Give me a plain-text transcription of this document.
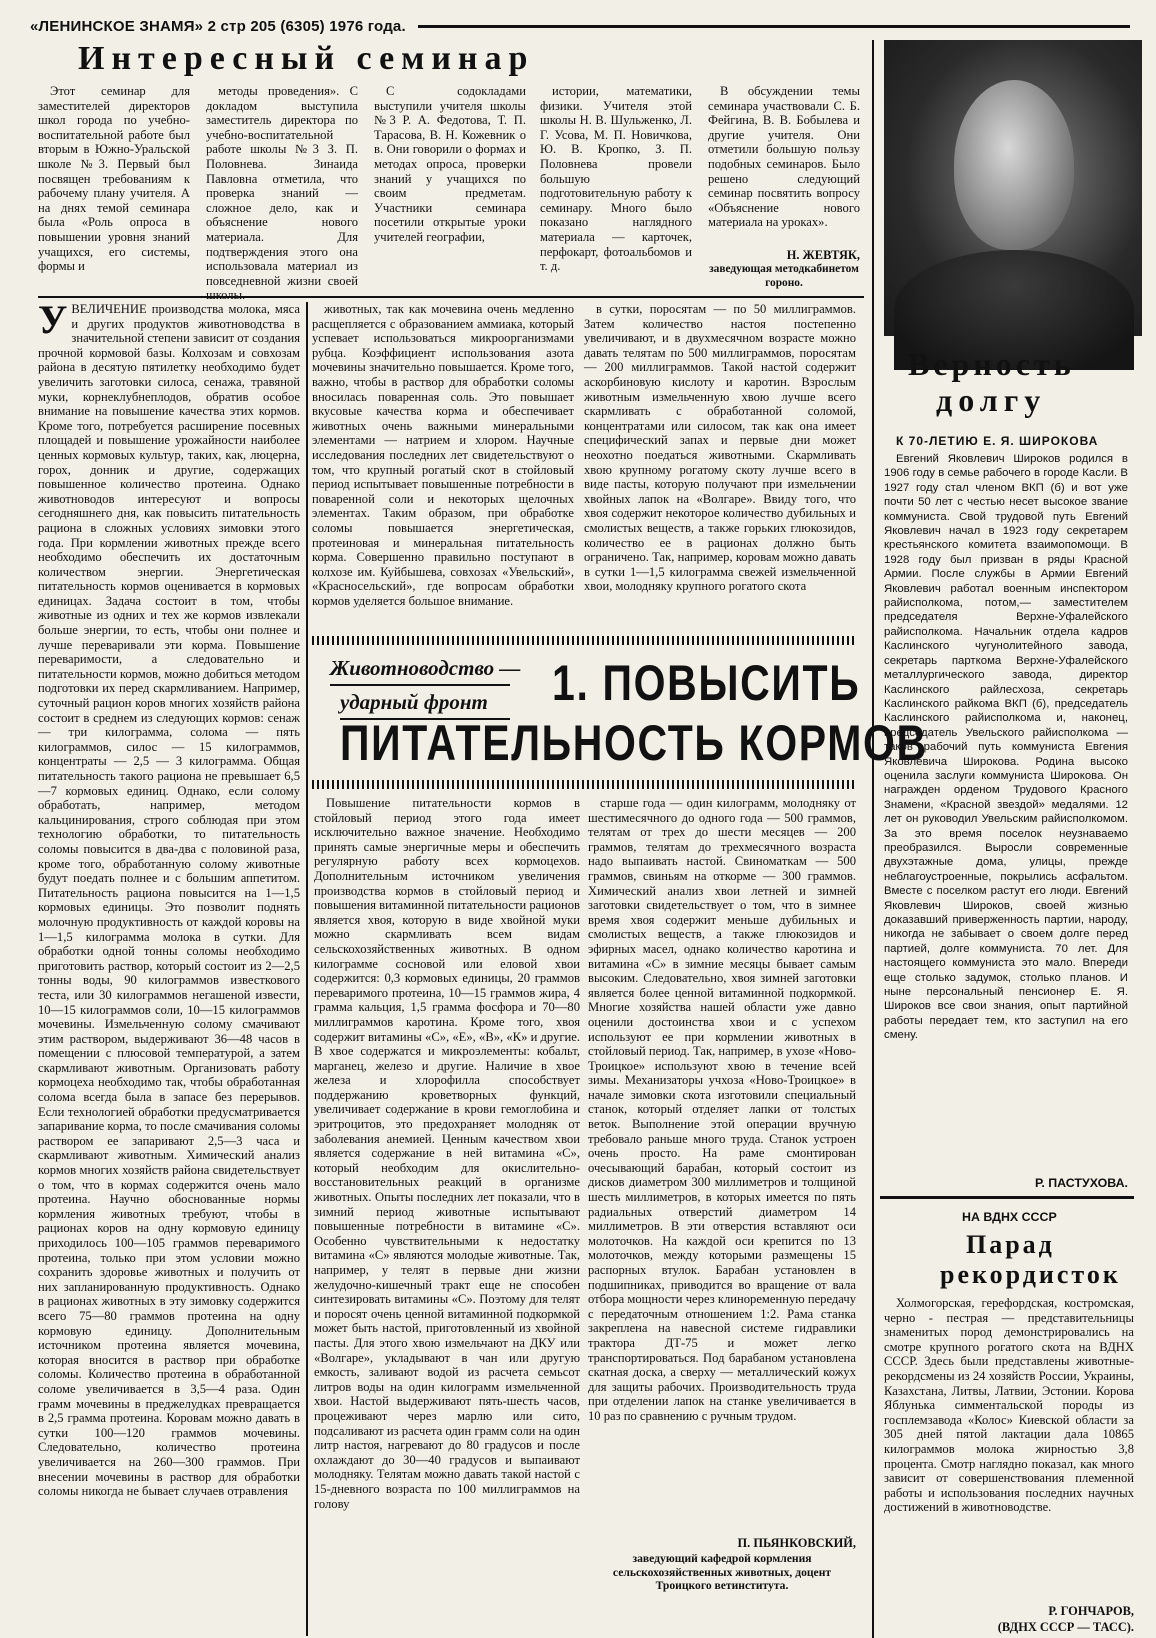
«ЛЕНИНСКОЕ ЗНАМЯ» 2 стр 205 (6305) 1976 года.
Интересный семинар

Этот семинар для заместителей директоров школ города по учебно-воспитательной работе был вторым в Южно-Уральской школе №3. Первый был посвящен требованиям к рабочему плану учителя. А на днях темой семинара была «Роль опроса в повышении уровня знаний учащихся, его системы, формы и

методы проведения». С докладом выступила заместитель директора по учебно-воспитательной работе школы №3 З. П. Половнева. Зинаида Павловна отметила, что проверка знаний — сложное дело, как и объяснение нового материала. Для подтверждения этого она использовала материал из повседневной жизни своей школы.

С содокладами выступили учителя школы №3 Р. А. Федотова, Т. П. Тарасова, В. Н. Кожевник о в. Они говорили о формах и методах опроса, проверки знаний у учащихся по своим предметам. Участники семинара посетили открытые уроки учителей географии,

истории, математики, физики. Учителя этой школы Н. В. Шульженко, Л. Г. Усова, М. П. Новичкова, Ю. В. Кропко, З. П. Половнева провели большую подготовительную работу к семинару. Много было показано наглядного материала — карточек, перфокарт, фотоальбомов и т. д.

В обсуждении темы семинара участвовали С. Б. Фейгина, В. В. Бобылева и другие учителя. Они отметили большую пользу подобных семинаров. Было решено следующий семинар посвятить вопросу «Объяснение нового материала на уроках».

Н. ЖЕВТЯК,
заведующая методкабинетом гороно.
У ВЕЛИЧЕНИЕ производства молока, мяса и других продуктов животноводства в значительной степени зависит от создания прочной кормовой базы. Колхозам и совхозам района в десятую пятилетку необходимо будет увеличить заготовки силоса, сенажа, травяной муки, корнеклубнеплодов, обратив особое внимание на повышение качества этих кормов. Кроме того, потребуется расширение посевных площадей и повышение урожайности наиболее ценных кормовых культур, таких, как, люцерна, горох, донник и другие, содержащих повышенное количество протеина. Однако животноводов интересуют и вопросы сегодняшнего дня, как повысить питательность рациона в сложных условиях зимовки этого года. При кормлении животных прежде всего необходимо обеспечить их достаточным количеством энергии. Энергетическая питательность кормов оценивается в кормовых единицах. Задача состоит в том, чтобы животные из одних и тех же кормов извлекали больше энергии, то есть, чтобы они полнее и лучше переваривали эти корма. Повышение переваримости, а следовательно и питательности кормов, можно добиться методом подготовки их перед скармливанием. Например, суточный рацион коров многих хозяйств района состоит в среднем из следующих кормов: сенаж — три килограмма, солома — пять килограммов, силос — 15 килограммов, концентраты — 2,5 — 3 килограмма. Общая питательность такого рациона не превышает 6,5—7 кормовых единиц. Однако, если солому обработать, например, методом кальцинирования, строго соблюдая при этом технологию обработки, то питательность соломы повысится в два-два с половиной раза, кроме того, обработанную солому животные будут поедать полнее и с большим аппетитом. Питательность рациона повысится на 1—1,5 кормовых единицы. Это позволит поднять молочную продуктивность от каждой коровы на 1—1,5 килограмма молока в сутки. Для обработки одной тонны соломы необходимо приготовить раствор, который состоит из 2—2,5 тонны воды, 90 килограммов известкового теста, или 30 килограммов негашеной извести, 10—15 килограммов соли, 10—15 килограммов мочевины. Измельченную солому смачивают этим раствором, выдерживают 36—48 часов в помещении с плюсовой температурой, а затем скармливают животным. Организовать работу кормоцеха необходимо так, чтобы обработанная солома всегда была в запасе без перерывов. Если технологией обработки предусматривается запаривание корма, то после смачивания соломы раствором ее запаривают 2,5—3 часа и скармливают животным. Химический анализ кормов многих хозяйств района свидетельствует о том, что в кормах содержится очень мало протеина. Научно обоснованные нормы кормления животных требуют, чтобы в рационах коров на одну кормовую единицу приходилось 100—105 граммов переваримого протеина, только при этом условии можно сохранить здоровье животных и получить от них запланированную продуктивность. Однако в рационах животных в эту зимовку содержится всего 75—80 граммов протеина на одну кормовую единицу. Дополнительным источником протеина является мочевина, которая вносится в раствор при обработке соломы. Количество протеина в обработанной соломе увеличивается в 3,5—4 раза. Один грамм мочевины в преджелудках превращается в 2,5 грамма протеина. Коровам можно давать в сутки 100—120 граммов мочевины. Следовательно, количество протеина увеличивается на 260—300 граммов. При внесении мочевины в раствор для обработки соломы никогда не бывает случаев отравления

животных, так как мочевина очень медленно расщепляется с образованием аммиака, который успевает использоваться микроорганизмами рубца. Коэффициент использования азота мочевины значительно повышается. Кроме того, важно, чтобы в раствор для обработки соломы вносилась поваренная соль. Это повышает вкусовые качества корма и обеспечивает животных очень важными минеральными элементами — натрием и хлором. Научные исследования последних лет свидетельствуют о том, что крупный рогатый скот в стойловый период испытывает повышенные потребности в поваренной соли и некоторых щелочных элементах. Таким образом, при обработке соломы повышается энергетическая, протеиновая и минеральная питательность корма. Совершенно правильно поступают в колхозе им. Куйбышева, совхозах «Увельский», «Красносельский», где вопросам обработки кормов уделяется большое внимание.

в сутки, поросятам — по 50 миллиграммов. Затем количество настоя постепенно увеличивают, и в двухмесячном возрасте можно давать телятам по 500 миллиграммов, поросятам — 200 миллиграммов. Такой настой содержит аскорбиновую кислоту и каротин. Взрослым животным измельченную хвою лучше всего скармливать с обработанной соломой, концентратами или силосом, так как она имеет специфический запах и первые дни может неохотно поедаться животными. Скармливать хвою крупному рогатому скоту лучше всего в виде пасты, которую получают при измельчении хвойных лапок на «Волгаре». Ввиду того, что хвоя содержит некоторое количество дубильных и смолистых веществ, а также горьких глюкозидов, количество ее в рационах должно быть ограничено. Так, например, коровам можно давать в сутки 1—1,5 килограмма свежей измельченной хвои, молодняку крупного рогатого скота

Животноводство —
ударный фронт	1. ПОВЫСИТЬ
ПИТАТЕЛЬНОСТЬ КОРМОВ

Повышение питательности кормов в стойловый период этого года имеет исключительно важное значение. Необходимо принять самые энергичные меры и обеспечить регулярную работу всех кормоцехов. Дополнительным источником увеличения производства кормов в стойловый период и повышения витаминной питательности рационов является хвоя, которую в виде хвойной муки можно скармливать всем видам сельскохозяйственных животных. В одном килограмме сосновой или еловой хвои содержится: 0,3 кормовых единицы, 20 граммов переваримого протеина, 10—15 граммов жира, 4 грамма кальция, 1,5 грамма фосфора и 70—80 миллиграммов каротина. Кроме того, хвоя содержит витамины «С», «Е», «В», «К» и другие. В хвое содержатся и микроэлементы: кобальт, марганец, железо и другие. Наличие в хвое железа и хлорофилла способствует поддержанию кроветворных функций, увеличивает содержание в крови гемоглобина и эритроцитов, это предохраняет молодняк от заболевания анемией. Ценным качеством хвои является содержание в ней витамина «С», который необходим для окислительно-восстановительных реакций в организме животных. Опыты последних лет показали, что в зимний период животные испытывают повышенные потребности в витамине «С». Особенно чувствительными к недостатку витамина «С» являются молодые животные. Так, например, у телят в первые дни жизни желудочно-кишечный тракт еще не способен синтезировать витамины «С». Поэтому для телят и поросят очень ценной витаминной подкормкой может быть настой, приготовленный из хвойной пасты. Для этого хвою измельчают на ДКУ или «Волгаре», укладывают в чан или другую емкость, заливают водой из расчета семьсот литров воды на один килограмм измельченной хвои. Настой выдерживают пять-шесть часов, процеживают через марлю или сито, подсаливают из расчета один грамм соли на один литр настоя, нагревают до 80 градусов и после охлаждают до 30—40 градусов и выпаивают молодняку. Телятам можно давать такой настой с 15-дневного возраста по 100 миллиграммов на голову

старше года — один килограмм, молодняку от шестимесячного до одного года — 500 граммов, телятам от трех до шести месяцев — 200 граммов, телятам до трехмесячного возраста надо выпаивать настой. Свиноматкам — 500 граммов, свиньям на откорме — 300 граммов. Химический анализ хвои летней и зимней заготовки свидетельствует о том, что в зимнее время хвоя содержит меньше дубильных и смолистых веществ, а также глюкозидов и эфирных масел, однако количество каротина и витамина «С» в зимние месяцы бывает самым высоким. Следовательно, хвоя зимней заготовки является более ценной витаминной подкормкой. Многие хозяйства нашей области уже давно оценили достоинства хвои и с успехом используют ее при кормлении животных в стойловый период. Так, например, в ухозе «Ново-Троицкое» используют хвою в течение всей зимы. Механизаторы учхоза «Ново-Троицкое» в начале зимовки скота изготовили специальный станок, который отделяет лапки от толстых веток. Выполнение этой операции вручную требовало раньше много труда. Станок устроен очень просто. На раме смонтирован очесывающий барабан, который состоит из дисков диаметром 300 миллиметров и толщиной шесть миллиметров, в которых имеется по пять радиальных отверстий диаметром 14 миллиметров. В эти отверстия вставляют оси молоточков. На каждой оси крепится по 13 молоточков, между которыми размещены 15 распорных втулок. Барабан установлен в подшипниках, приводится во вращение от вала отбора мощности через клиноременную передачу с передаточным отношением 1:2. Рама станка закреплена на навесной системе гидравлики трактора ДТ-75 и может легко транспортироваться. Под барабаном установлена скатная доска, а сверху — металлический кожух для защиты рабочих. Производительность труда при отделении лапок на станке увеличивается в 10 раз по сравнению с ручным трудом.

П. ПЬЯНКОВСКИЙ,
заведующий кафедрой кормления сельскохозяйственных животных, доцент Троицкого ветинститута.
Верность
долгу
К 70-ЛЕТИЮ Е. Я. ШИРОКОВА

Евгений Яковлевич Широков родился в 1906 году в семье рабочего в городе Касли. В 1927 году стал членом ВКП (б) и вот уже почти 50 лет с честью несет высокое звание коммуниста. Свой трудовой путь Евгений Яковлевич начал в 1923 году секретарем крестьянского комитета взаимопомощи. В 1928 году был призван в ряды Красной Армии. После службы в Армии Евгений Яковлевич работал военным инспектором райисполкома, потом,— заместителем председателя Верхне-Уфалейского райисполкома. Начальник отдела кадров Каслинского чугунолитейного завода, секретарь парткома Верхне-Уфалейского металлургического завода, директор Каслинского райлесхоза, секретарь Каслинского райкома ВКП (б), председатель Каслинского райисполкома и, наконец, председатель Увельского райисполкома — таков рабочий путь коммуниста Евгения Яковлевича Широкова. Родина высоко оценила заслуги коммуниста Широкова. Он награжден орденом Трудового Красного Знамени, «Красной звездой» медалями. 12 лет он руководил Увельским райисполкомом. За это время поселок неузнаваемо преобразился. Выросли современные двухэтажные дома, улицы, прежде неблагоустроенные, покрылись асфальтом. Вместе с поселком растут его люди. Евгений Яковлевич Широков, своей жизнью доказавший приверженность партии, народу, никогда не забывает о своем долге перед партией, долге коммуниста. 70 лет. Для настоящего коммуниста это мало. Впереди еще столько задумок, столько планов. И ныне персональный пенсионер Е. Я. Широков все свои знания, опыт партийной работы передает тем, кто заступил на его смену.

Р. ПАСТУХОВА.
НА ВДНХ СССР
Парад
рекордисток

Холмогорская, герефордская, костромская, черно - пестрая — представительницы знаменитых пород демонстрировались на смотре крупного рогатого скота на ВДНХ СССР. Здесь были представлены животные-рекордсмены из 24 хозяйств России, Украины, Казахстана, Литвы, Латвии, Эстонии. Корова Яблунька симментальской породы из госплемзавода «Колос» Киевской области за 305 дней пятой лактации дала 10865 килограммов молока жирностью 3,8 процента. Смотр наглядно показал, как много зависит от совершенствования племенной работы и использования последних научных достижений в животноводстве.

Р. ГОНЧАРОВ,
(ВДНХ СССР — ТАСС).
